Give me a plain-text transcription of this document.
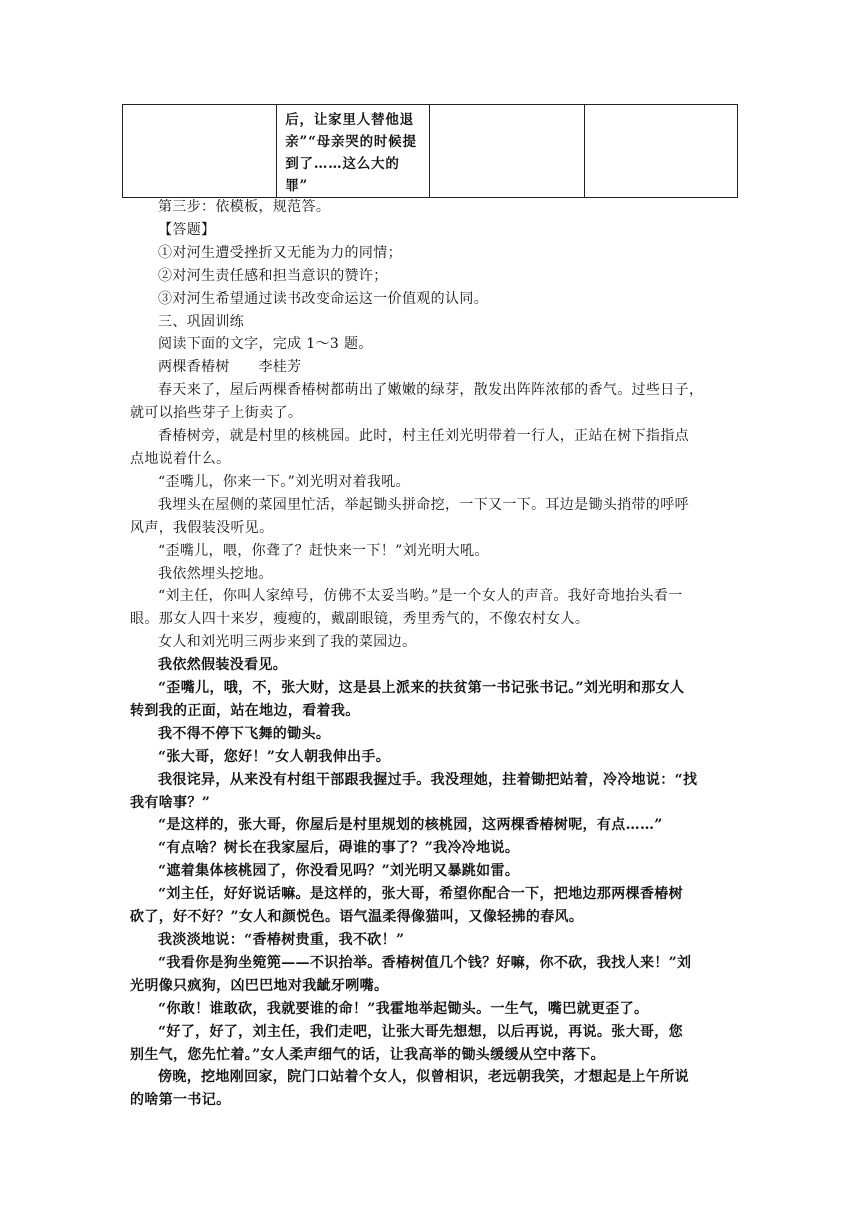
后，让家里人替他退
亲”“母亲哭的时候提
到了……这么大的
罪”

第三步：依模板，规范答。

【答题】

①对河生遭受挫折又无能为力的同情；

②对河生责任感和担当意识的赞许；

③对河生希望通过读书改变命运这一价值观的认同。

三、巩固训练

阅读下面的文字，完成 1～3 题。

两棵香椿树　　李桂芳

春天来了，屋后两棵香椿树都萌出了嫩嫩的绿芽，散发出阵阵浓郁的香气。过些日子，
就可以掐些芽子上街卖了。

香椿树旁，就是村里的核桃园。此时，村主任刘光明带着一行人，正站在树下指指点
点地说着什么。

“歪嘴儿，你来一下。”刘光明对着我吼。

我埋头在屋侧的菜园里忙活，举起锄头拼命挖，一下又一下。耳边是锄头捎带的呼呼
风声，我假装没听见。

“歪嘴儿，喂，你聋了？赶快来一下！”刘光明大吼。

我依然埋头挖地。

“刘主任，你叫人家绰号，仿佛不太妥当哟。”是一个女人的声音。我好奇地抬头看一
眼。那女人四十来岁，瘦瘦的，戴副眼镜，秀里秀气的，不像农村女人。

女人和刘光明三两步来到了我的菜园边。

我依然假装没看见。

“歪嘴儿，哦，不，张大财，这是县上派来的扶贫第一书记张书记。”刘光明和那女人
转到我的正面，站在地边，看着我。

我不得不停下飞舞的锄头。

“张大哥，您好！”女人朝我伸出手。

我很诧异，从来没有村组干部跟我握过手。我没理她，拄着锄把站着，冷冷地说：“找
我有啥事？”

“是这样的，张大哥，你屋后是村里规划的核桃园，这两棵香椿树呢，有点……”

“有点啥？树长在我家屋后，碍谁的事了？”我冷冷地说。

“遮着集体核桃园了，你没看见吗？”刘光明又暴跳如雷。

“刘主任，好好说话嘛。是这样的，张大哥，希望你配合一下，把地边那两棵香椿树
砍了，好不好？”女人和颜悦色。语气温柔得像猫叫，又像轻拂的春风。

我淡淡地说：“香椿树贵重，我不砍！”

“我看你是狗坐箢篼——不识抬举。香椿树值几个钱？好嘛，你不砍，我找人来！”刘
光明像只疯狗，凶巴巴地对我龇牙咧嘴。

“你敢！谁敢砍，我就要谁的命！”我霍地举起锄头。一生气，嘴巴就更歪了。

“好了，好了，刘主任，我们走吧，让张大哥先想想，以后再说，再说。张大哥，您
别生气，您先忙着。”女人柔声细气的话，让我高举的锄头缓缓从空中落下。

傍晚，挖地刚回家，院门口站着个女人，似曾相识，老远朝我笑，才想起是上午所说
的啥第一书记。
